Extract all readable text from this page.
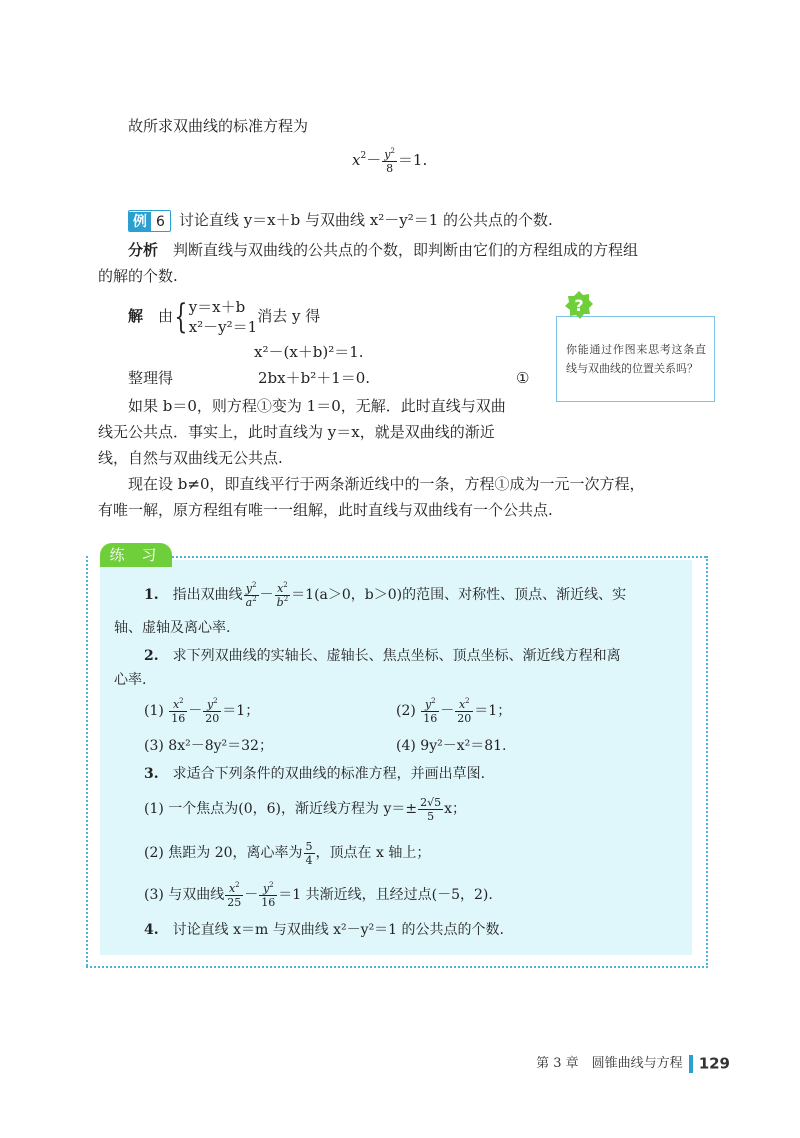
故所求双曲线的标准方程为
$x^2- \frac{y^2}{8} =1$.
例 6 讨论直线 y＝x＋b 与双曲线 x²－y²＝1 的公共点的个数.
分析　 判断直线与双曲线的公共点的个数，即判断由它们的方程组成的方程组
的解的个数.
解　 由{ y＝x＋b
x²－y²＝1
消去 y 得
x²－(x＋b)²＝1.
整理得	2bx＋b²＋1＝0.	①
如果 b＝0，则方程①变为 1＝0，无解．此时直线与双曲
线无公共点．事实上，此时直线为 y＝x，就是双曲线的渐近
线，自然与双曲线无公共点.
现在设 b≠0，即直线平行于两条渐近线中的一条，方程①成为一元一次方程，
有唯一解，原方程组有唯一一组解，此时直线与双曲线有一个公共点.
?
你能通过作图来思考这条直线与双曲线的位置关系吗？
练 习
1.　 指出双曲线 $\frac{y^2}{a^2} - \frac{x^2}{b^2} =1(a>0$，b＞0)的范围、对称性、顶点、渐近线、实
轴、虚轴及离心率.
2.　 求下列双曲线的实轴长、虚轴长、焦点坐标、顶点坐标、渐近线方程和离
心率.
$(1) \frac{x^2}{16} - \frac{y^2}{20} =1$；	$(2) \frac{y^2}{16} - \frac{x^2}{20} =1$；
(3) 8x²－8y²＝32；	(4) 9y²－x²＝81.
3.　 求适合下列条件的双曲线的标准方程，并画出草图.
(1) 一个焦点为(0，6)，渐近线方程为 $y=\pm \frac{2√5}{5}$ x；
(2) 焦距为 20，离心率为 $\frac{5}{4}$ ，顶点在 x 轴上；
(3) 与双曲线 $\frac{x^2}{25} - \frac{y^2}{16} =1$ 共渐近线，且经过点(－5，2).
4.　 讨论直线 x＝m 与双曲线 x²－y²＝1 的公共点的个数.
第 3 章　圆锥曲线与方程 129
